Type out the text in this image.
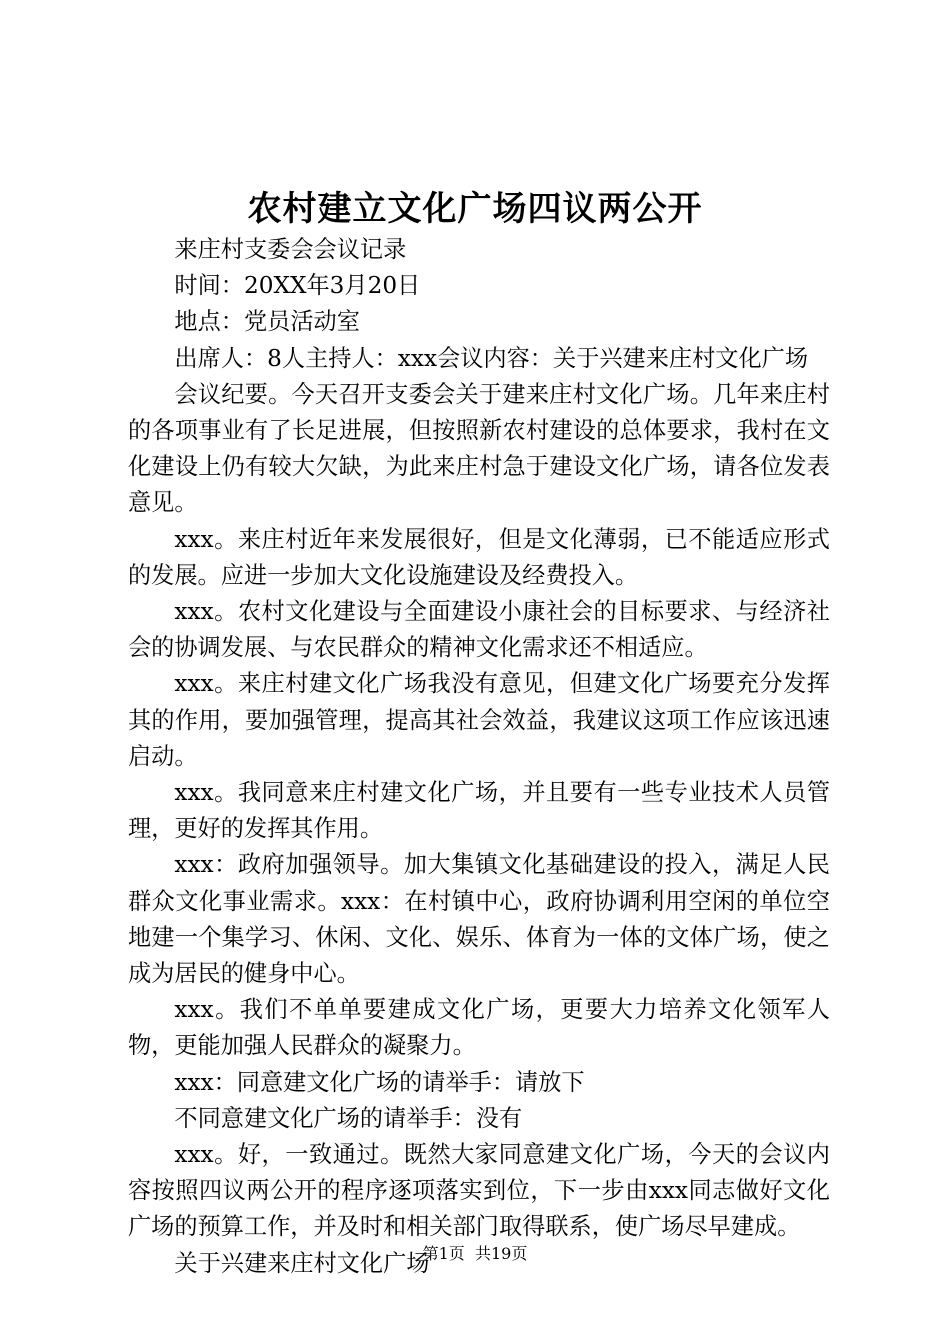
农村建立文化广场四议两公开

来庄村支委会会议记录

时间：20XX年3月20日

地点：党员活动室

出席人：8人主持人：xxx会议内容：关于兴建来庄村文化广场

会议纪要。今天召开支委会关于建来庄村文化广场。几年来庄村的各项事业有了长足进展，但按照新农村建设的总体要求，我村在文化建设上仍有较大欠缺，为此来庄村急于建设文化广场，请各位发表意见。

xxx。来庄村近年来发展很好，但是文化薄弱，已不能适应形式的发展。应进一步加大文化设施建设及经费投入。

xxx。农村文化建设与全面建设小康社会的目标要求、与经济社会的协调发展、与农民群众的精神文化需求还不相适应。

xxx。来庄村建文化广场我没有意见，但建文化广场要充分发挥其的作用，要加强管理，提高其社会效益，我建议这项工作应该迅速启动。

xxx。我同意来庄村建文化广场，并且要有一些专业技术人员管理，更好的发挥其作用。

xxx：政府加强领导。加大集镇文化基础建设的投入，满足人民群众文化事业需求。xxx：在村镇中心，政府协调利用空闲的单位空地建一个集学习、休闲、文化、娱乐、体育为一体的文体广场，使之成为居民的健身中心。

xxx。我们不单单要建成文化广场，更要大力培养文化领军人物，更能加强人民群众的凝聚力。

xxx：同意建文化广场的请举手：请放下

不同意建文化广场的请举手：没有

xxx。好，一致通过。既然大家同意建文化广场，今天的会议内容按照四议两公开的程序逐项落实到位，下一步由xxx同志做好文化广场的预算工作，并及时和相关部门取得联系，使广场尽早建成。

关于兴建来庄村文化广场

第1页 共19页
